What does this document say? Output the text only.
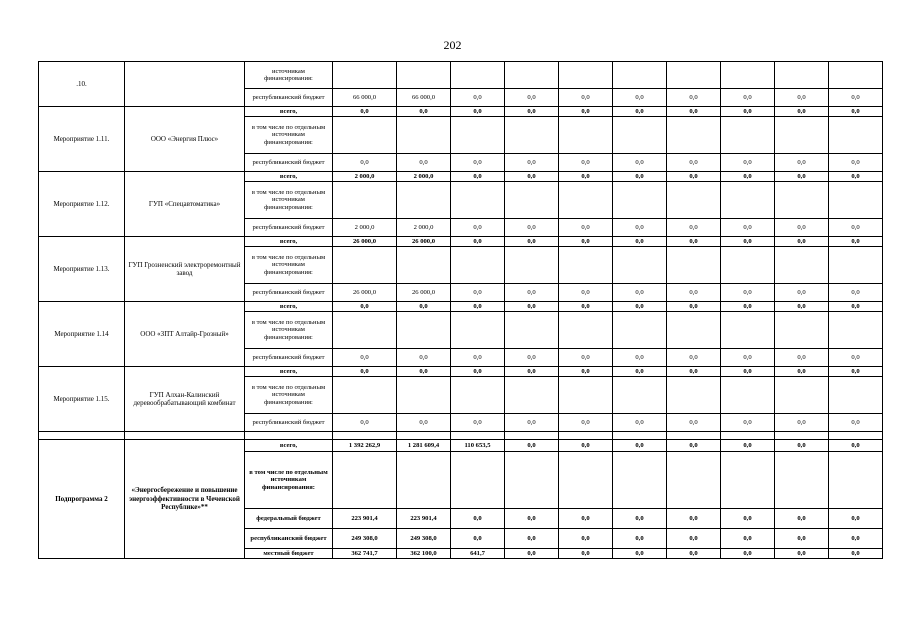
202
.10.		источникам финансирования:										
		республиканский бюджет	66 000,0	66 000,0	0,0	0,0	0,0	0,0	0,0	0,0	0,0	0,0
Мероприятие 1.11.	ООО «Энергия Плюс»	всего,	0,0	0,0	0,0	0,0	0,0	0,0	0,0	0,0	0,0	0,0
		в том числе по отдельным источникам финансирования:										
		республиканский бюджет	0,0	0,0	0,0	0,0	0,0	0,0	0,0	0,0	0,0	0,0
Мероприятие 1.12.	ГУП «Спецавтоматика»	всего,	2 000,0	2 000,0	0,0	0,0	0,0	0,0	0,0	0,0	0,0	0,0
		в том числе по отдельным источникам финансирования:										
		республиканский бюджет	2 000,0	2 000,0	0,0	0,0	0,0	0,0	0,0	0,0	0,0	0,0
Мероприятие 1.13.	ГУП Грозненский электроремонтный завод	всего,	26 000,0	26 000,0	0,0	0,0	0,0	0,0	0,0	0,0	0,0	0,0
		в том числе по отдельным источникам финансирования:										
		республиканский бюджет	26 000,0	26 000,0	0,0	0,0	0,0	0,0	0,0	0,0	0,0	0,0
Мероприятие 1.14	ООО «ЗПТ Алтайр-Грозный»	всего,	0,0	0,0	0,0	0,0	0,0	0,0	0,0	0,0	0,0	0,0
		в том числе по отдельным источникам финансирования:										
		республиканский бюджет	0,0	0,0	0,0	0,0	0,0	0,0	0,0	0,0	0,0	0,0
Мероприятие 1.15.	ГУП Алхан-Калинский деревообрабатывающий комбинат	всего,	0,0	0,0	0,0	0,0	0,0	0,0	0,0	0,0	0,0	0,0
		в том числе по отдельным источникам финансирования:										
		республиканский бюджет	0,0	0,0	0,0	0,0	0,0	0,0	0,0	0,0	0,0	0,0

Подпрограмма 2	«Энергосбережение и повышение энергоэффективности в Чеченской Республике»**	всего,	1 392 262,9	1 281 609,4	110 653,5	0,0	0,0	0,0	0,0	0,0	0,0	0,0
		в том числе по отдельным источникам финансирования:										
		федеральный бюджет	223 901,4	223 901,4	0,0	0,0	0,0	0,0	0,0	0,0	0,0	0,0
		республиканский бюджет	249 308,0	249 308,0	0,0	0,0	0,0	0,0	0,0	0,0	0,0	0,0
		местный бюджет	362 741,7	362 100,0	641,7	0,0	0,0	0,0	0,0	0,0	0,0	0,0
